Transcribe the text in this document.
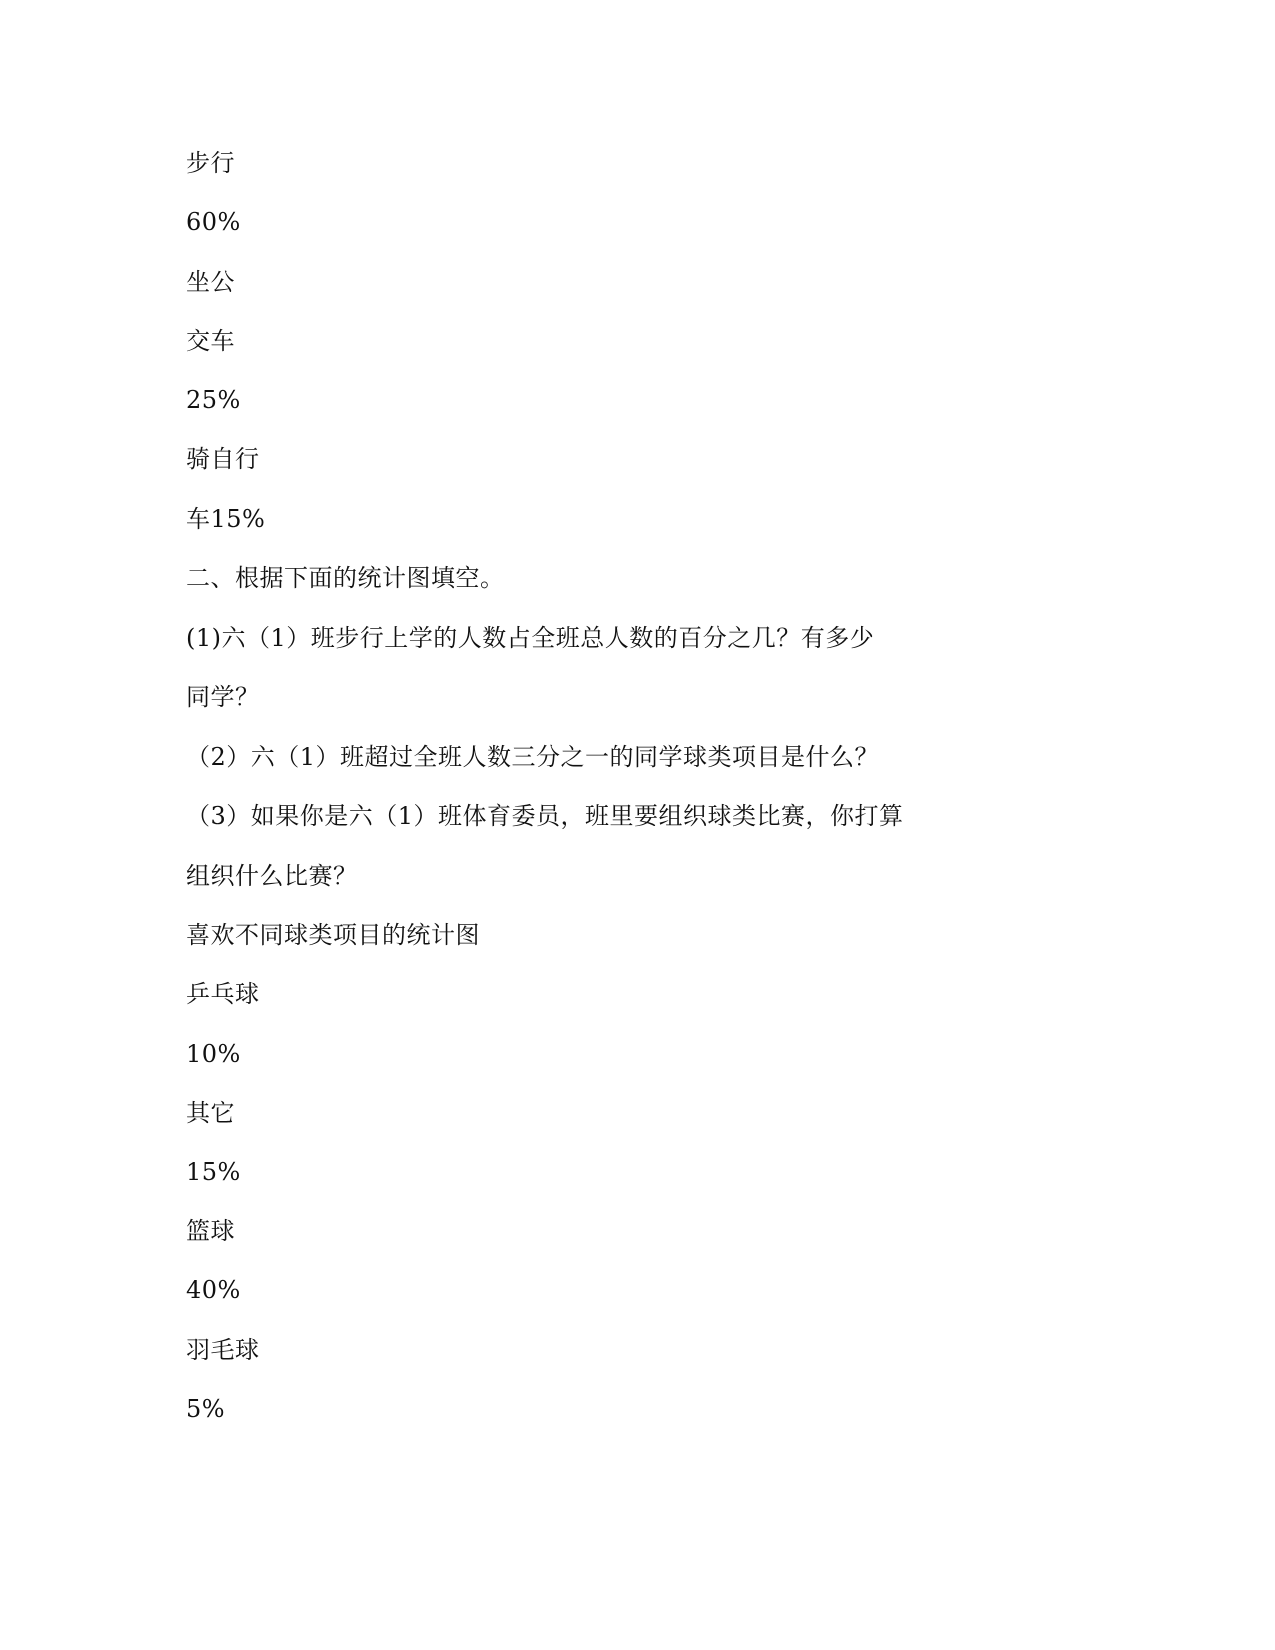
步行
60%
坐公
交车
25%
骑自行
车15%
二、根据下面的统计图填空。
(1)六（1）班步行上学的人数占全班总人数的百分之几？有多少
同学？
（2）六（1）班超过全班人数三分之一的同学球类项目是什么？
（3）如果你是六（1）班体育委员，班里要组织球类比赛，你打算
组织什么比赛？
喜欢不同球类项目的统计图
乒乓球
10%
其它
15%
篮球
40%
羽毛球
5%
